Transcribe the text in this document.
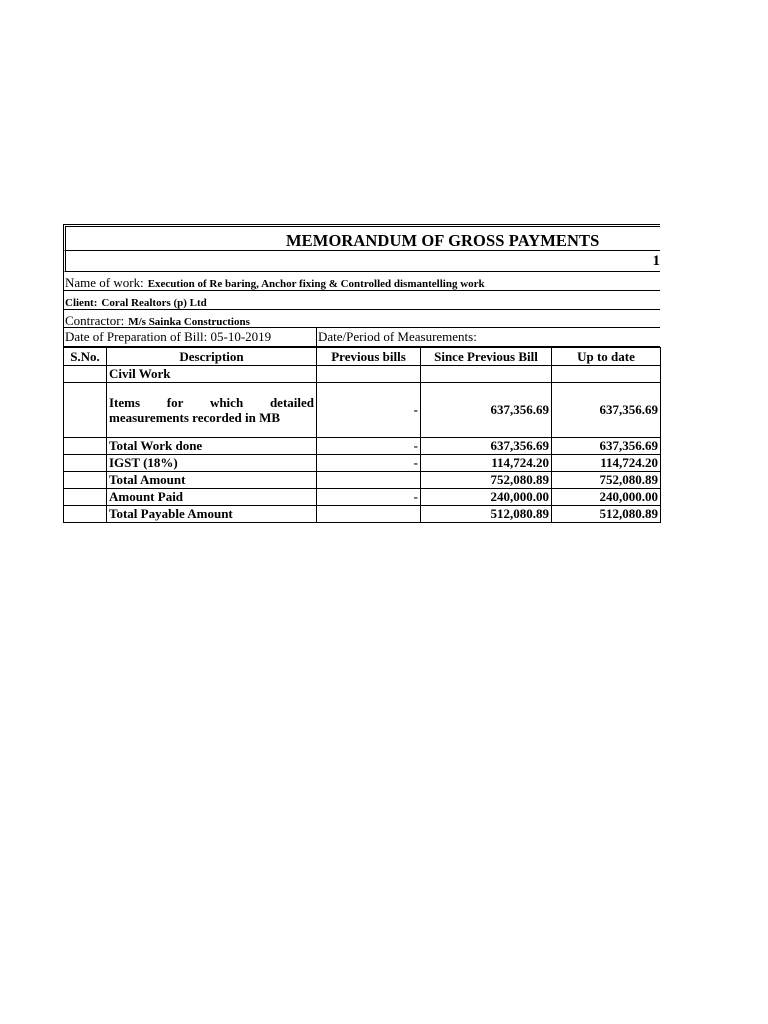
MEMORANDUM OF GROSS PAYMENTS
1
Name of work: Execution of Re baring, Anchor fixing & Controlled dismantelling work
Client: Coral Realtors (p) Ltd
Contractor: M/s Sainka Constructions
Date of Preparation of Bill: 05-10-2019	Date/Period of Measurements:
S.No.	Description	Previous bills	Since Previous Bill	Up to date
	Civil Work			
	Items for which detailed measurements recorded in MB	-	637,356.69	637,356.69
	Total Work done	-	637,356.69	637,356.69
	IGST (18%)	-	114,724.20	114,724.20
	Total Amount		752,080.89	752,080.89
	Amount Paid	-	240,000.00	240,000.00
	Total Payable Amount		512,080.89	512,080.89
